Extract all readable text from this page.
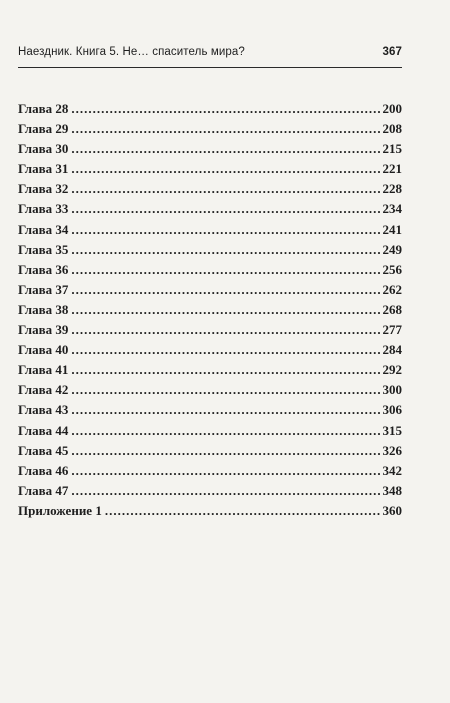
Наездник. Книга 5. Не… спаситель мира?	367
Глава 28 .....	200
Глава 29 .....	208
Глава 30 .....	215
Глава 31 .....	221
Глава 32 .....	228
Глава 33 .....	234
Глава 34 .....	241
Глава 35 .....	249
Глава 36 .....	256
Глава 37 .....	262
Глава 38 .....	268
Глава 39 .....	277
Глава 40 .....	284
Глава 41 .....	292
Глава 42 .....	300
Глава 43 .....	306
Глава 44 .....	315
Глава 45 .....	326
Глава 46 .....	342
Глава 47 .....	348
Приложение 1 .....	360
